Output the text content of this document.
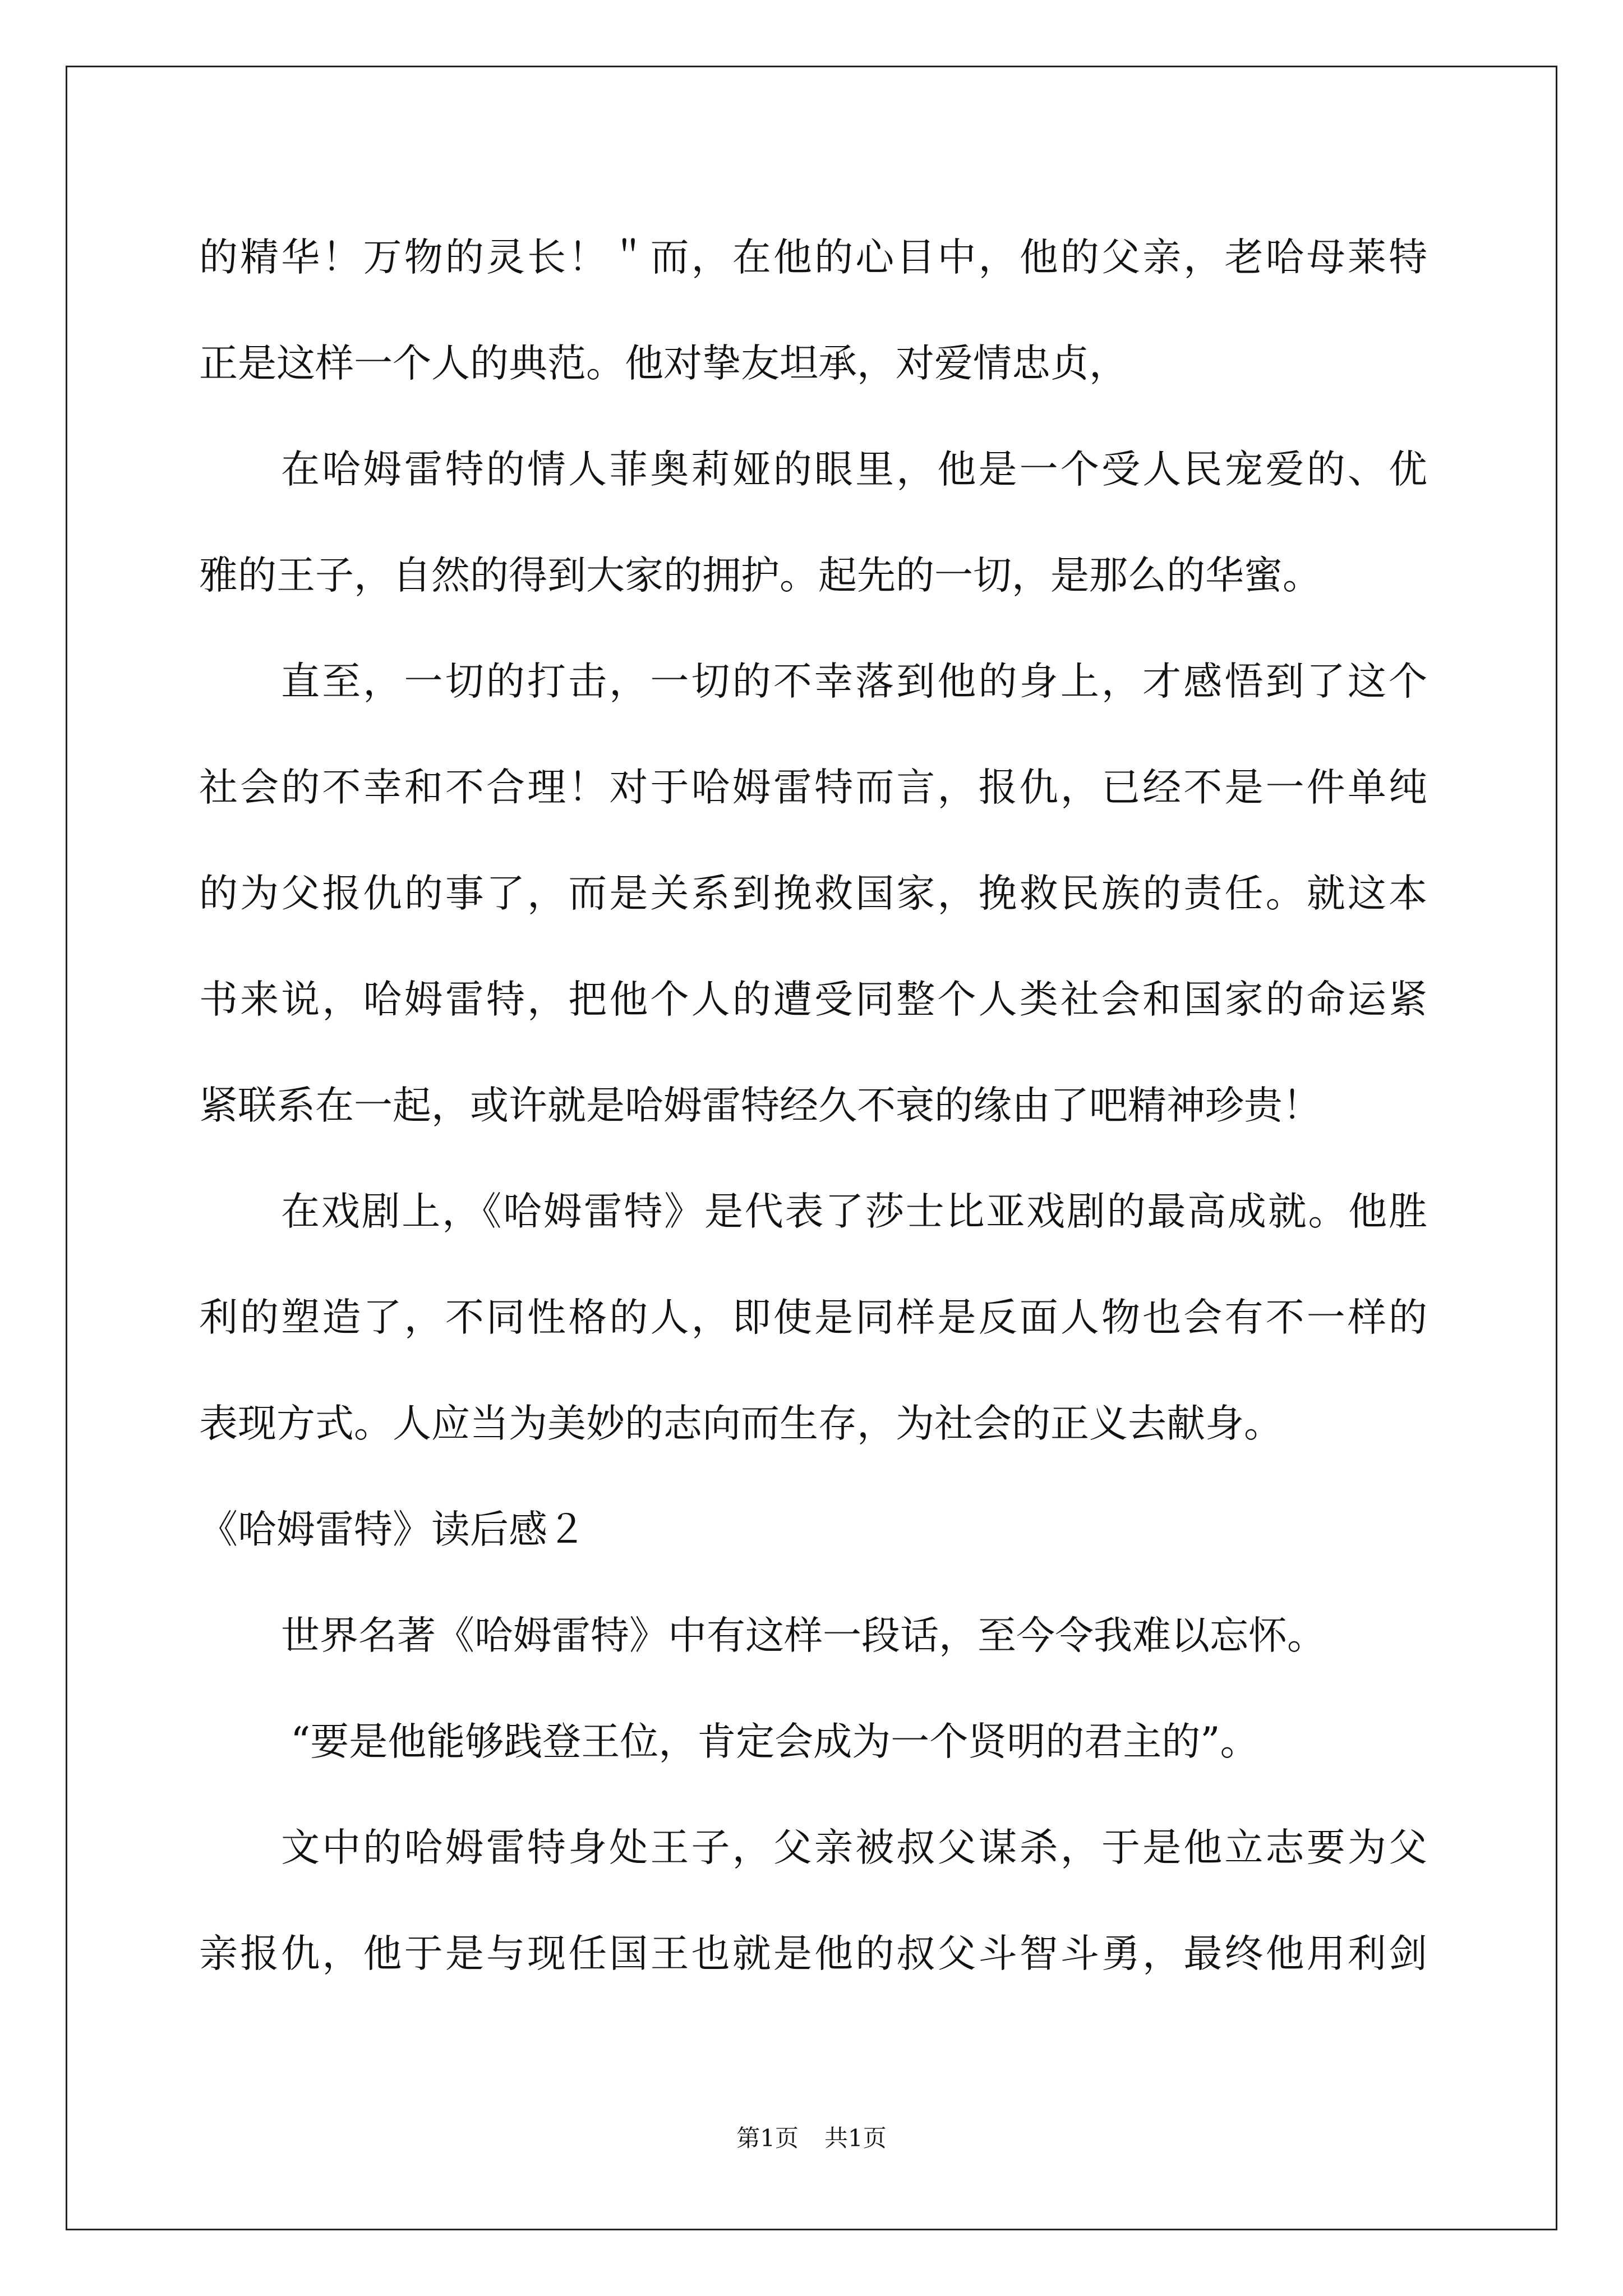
的精华！万物的灵长！＂而，在他的心目中，他的父亲，老哈母莱特
正是这样一个人的典范。他对挚友坦承，对爱情忠贞，
在哈姆雷特的情人菲奥莉娅的眼里，他是一个受人民宠爱的、优
雅的王子，自然的得到大家的拥护。起先的一切，是那么的华蜜。
直至，一切的打击，一切的不幸落到他的身上，才感悟到了这个
社会的不幸和不合理！对于哈姆雷特而言，报仇，已经不是一件单纯
的为父报仇的事了，而是关系到挽救国家，挽救民族的责任。就这本
书来说，哈姆雷特，把他个人的遭受同整个人类社会和国家的命运紧
紧联系在一起，或许就是哈姆雷特经久不衰的缘由了吧精神珍贵！
在戏剧上，《哈姆雷特》是代表了莎士比亚戏剧的最高成就。他胜
利的塑造了，不同性格的人，即使是同样是反面人物也会有不一样的
表现方式。人应当为美妙的志向而生存，为社会的正义去献身。
《哈姆雷特》读后感２
世界名著《哈姆雷特》中有这样一段话，至今令我难以忘怀。
“要是他能够践登王位，肯定会成为一个贤明的君主的”。
文中的哈姆雷特身处王子，父亲被叔父谋杀，于是他立志要为父
亲报仇，他于是与现任国王也就是他的叔父斗智斗勇，最终他用利剑
第1页 共1页
